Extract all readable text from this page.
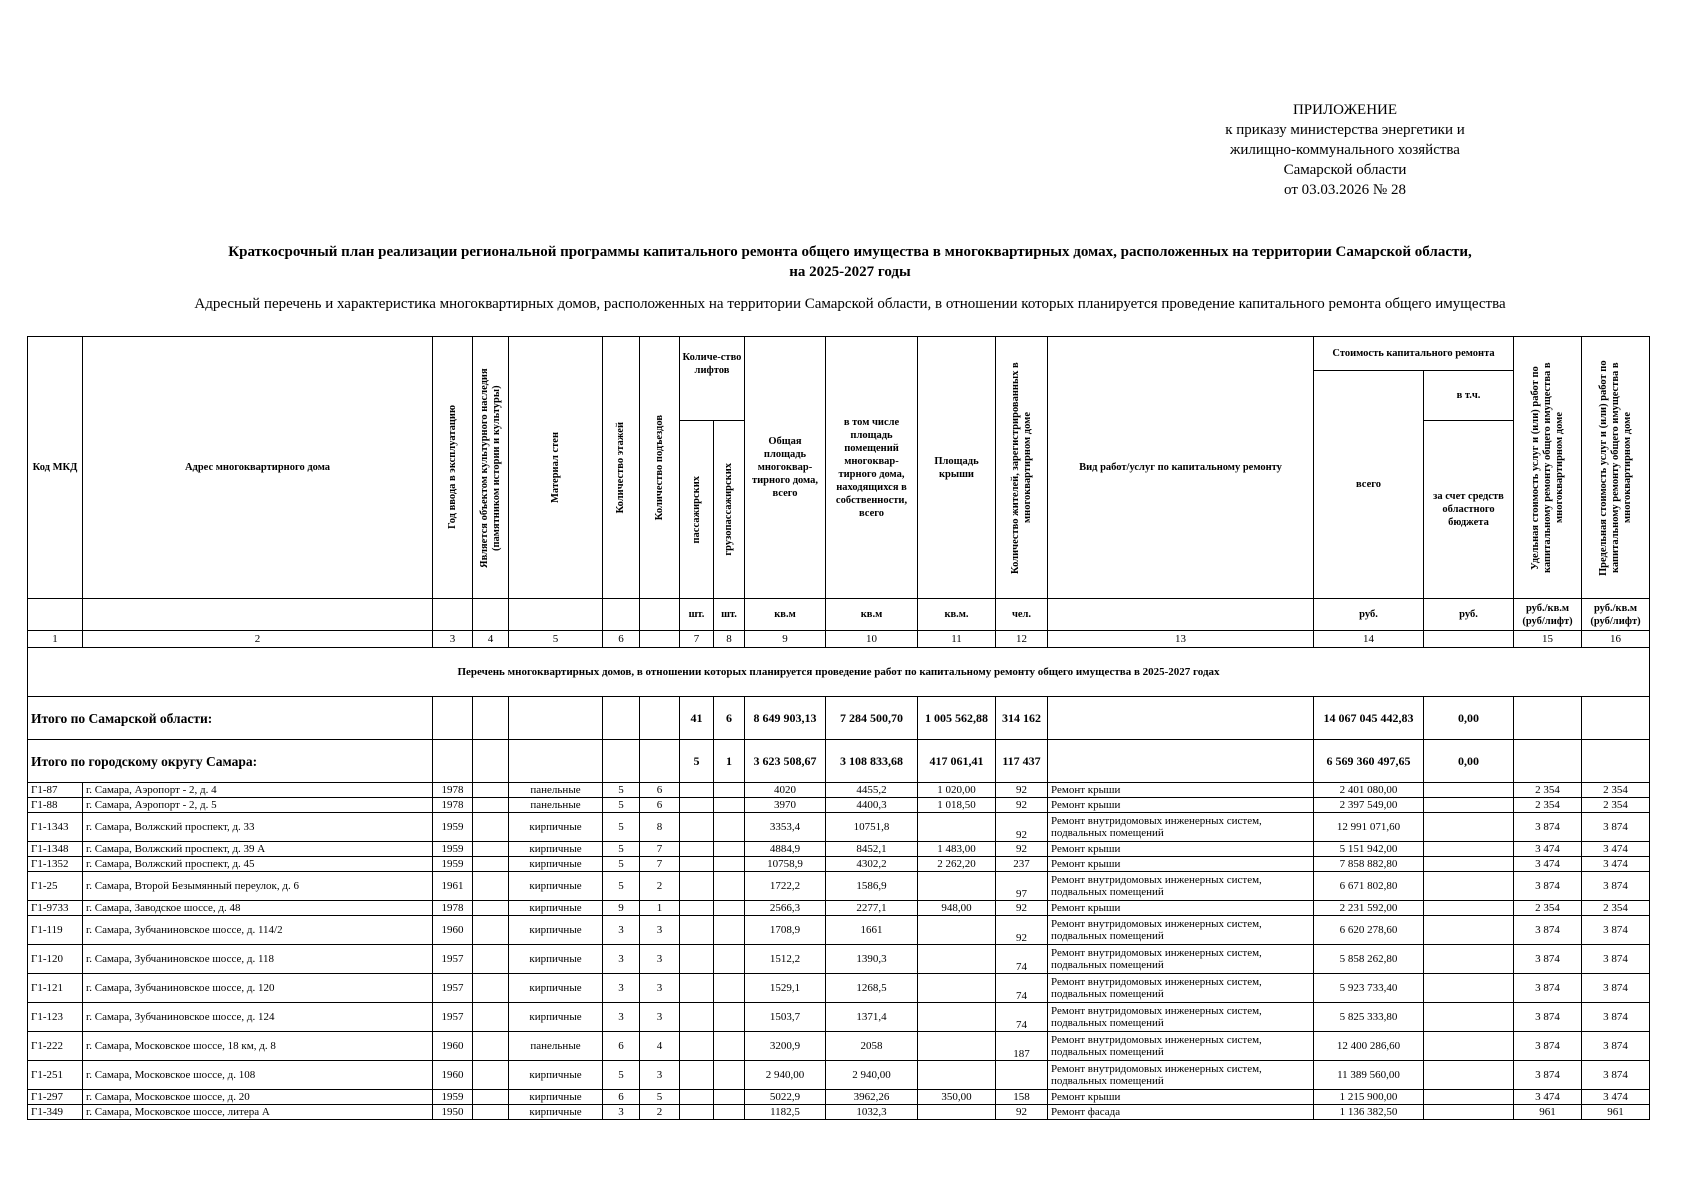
ПРИЛОЖЕНИЕ
к приказу министерства энергетики и
жилищно-коммунального хозяйства
Самарской области
от 03.03.2026 № 28
Краткосрочный план реализации региональной программы капитального ремонта общего имущества в многоквартирных домах, расположенных на территории Самарской области,
на 2025-2027 годы
Адресный перечень и характеристика многоквартирных домов, расположенных на территории Самарской области, в отношении которых планируется проведение капитального ремонта общего имущества
Код МКД	Адрес многоквартирного дома	Год ввода в эксплуатацию	Является объектом культурного наследия (памятником истории и культуры)	Материал стен	Количество этажей	Количество подъездов	Количе-ство лифтов		Общая площадь многоквар-тирного дома, всего	в том числе площадь помещений многоквар-тирного дома, находящихся в собственности, всего	Площадь крыши	Количество жителей, зарегистрированных в многоквартирном доме	Вид работ/услуг по капитальному ремонту	Стоимость капитального ремонта		Удельная стоимость услуг и (или) работ по капитальному ремонту общего имущества в многоквартирном доме	Предельная стоимость услуг и (или) работ по капитальному ремонту общего имущества в многоквартирном доме

														всего	в т.ч.		

							пассажирских	грузопассажирских							за счет средств областного бюджета		
							шт.	шт.	кв.м	кв.м	кв.м.	чел.		руб.	руб.	руб./кв.м (руб/лифт)	руб./кв.м (руб/лифт)
1	2	3	4	5	6		7	8	9	10	11	12	13	14		15	16
Перечень многоквартирных домов, в отношении которых планируется проведение работ по капитальному ремонту общего имущества в 2025-2027 годах																	
Итого по Самарской области:							41	6	8 649 903,13	7 284 500,70	1 005 562,88	314 162		14 067 045 442,83	0,00		
Итого по городскому округу Самара:							5	1	3 623 508,67	3 108 833,68	417 061,41	117 437		6 569 360 497,65	0,00		
Г1-87	г. Самара, Аэропорт - 2, д. 4	1978		панельные	5	6			4020	4455,2	1 020,00	92	Ремонт крыши	2 401 080,00		2 354	2 354
Г1-88	г. Самара, Аэропорт - 2, д. 5	1978		панельные	5	6			3970	4400,3	1 018,50	92	Ремонт крыши	2 397 549,00		2 354	2 354
Г1-1343	г. Самара, Волжский проспект, д. 33	1959		кирпичные	5	8			3353,4	10751,8		92	Ремонт внутридомовых инженерных систем, подвальных помещений	12 991 071,60		3 874	3 874
Г1-1348	г. Самара, Волжский проспект, д. 39 А	1959		кирпичные	5	7			4884,9	8452,1	1 483,00	92	Ремонт крыши	5 151 942,00		3 474	3 474
Г1-1352	г. Самара, Волжский проспект, д. 45	1959		кирпичные	5	7			10758,9	4302,2	2 262,20	237	Ремонт крыши	7 858 882,80		3 474	3 474
Г1-25	г. Самара, Второй Безымянный переулок, д. 6	1961		кирпичные	5	2			1722,2	1586,9		97	Ремонт внутридомовых инженерных систем, подвальных помещений	6 671 802,80		3 874	3 874
Г1-9733	г. Самара, Заводское шоссе, д. 48	1978		кирпичные	9	1			2566,3	2277,1	948,00	92	Ремонт крыши	2 231 592,00		2 354	2 354
Г1-119	г. Самара, Зубчаниновское шоссе, д. 114/2	1960		кирпичные	3	3			1708,9	1661		92	Ремонт внутридомовых инженерных систем, подвальных помещений	6 620 278,60		3 874	3 874
Г1-120	г. Самара, Зубчаниновское шоссе, д. 118	1957		кирпичные	3	3			1512,2	1390,3		74	Ремонт внутридомовых инженерных систем, подвальных помещений	5 858 262,80		3 874	3 874
Г1-121	г. Самара, Зубчаниновское шоссе, д. 120	1957		кирпичные	3	3			1529,1	1268,5		74	Ремонт внутридомовых инженерных систем, подвальных помещений	5 923 733,40		3 874	3 874
Г1-123	г. Самара, Зубчаниновское шоссе, д. 124	1957		кирпичные	3	3			1503,7	1371,4		74	Ремонт внутридомовых инженерных систем, подвальных помещений	5 825 333,80		3 874	3 874
Г1-222	г. Самара, Московское шоссе, 18 км, д. 8	1960		панельные	6	4			3200,9	2058		187	Ремонт внутридомовых инженерных систем, подвальных помещений	12 400 286,60		3 874	3 874
Г1-251	г. Самара, Московское шоссе, д. 108	1960		кирпичные	5	3			2 940,00	2 940,00			Ремонт внутридомовых инженерных систем, подвальных помещений	11 389 560,00		3 874	3 874
Г1-297	г. Самара, Московское шоссе, д. 20	1959		кирпичные	6	5			5022,9	3962,26	350,00	158	Ремонт крыши	1 215 900,00		3 474	3 474
Г1-349	г. Самара, Московское шоссе, литера А	1950		кирпичные	3	2			1182,5	1032,3		92	Ремонт фасада	1 136 382,50		961	961
